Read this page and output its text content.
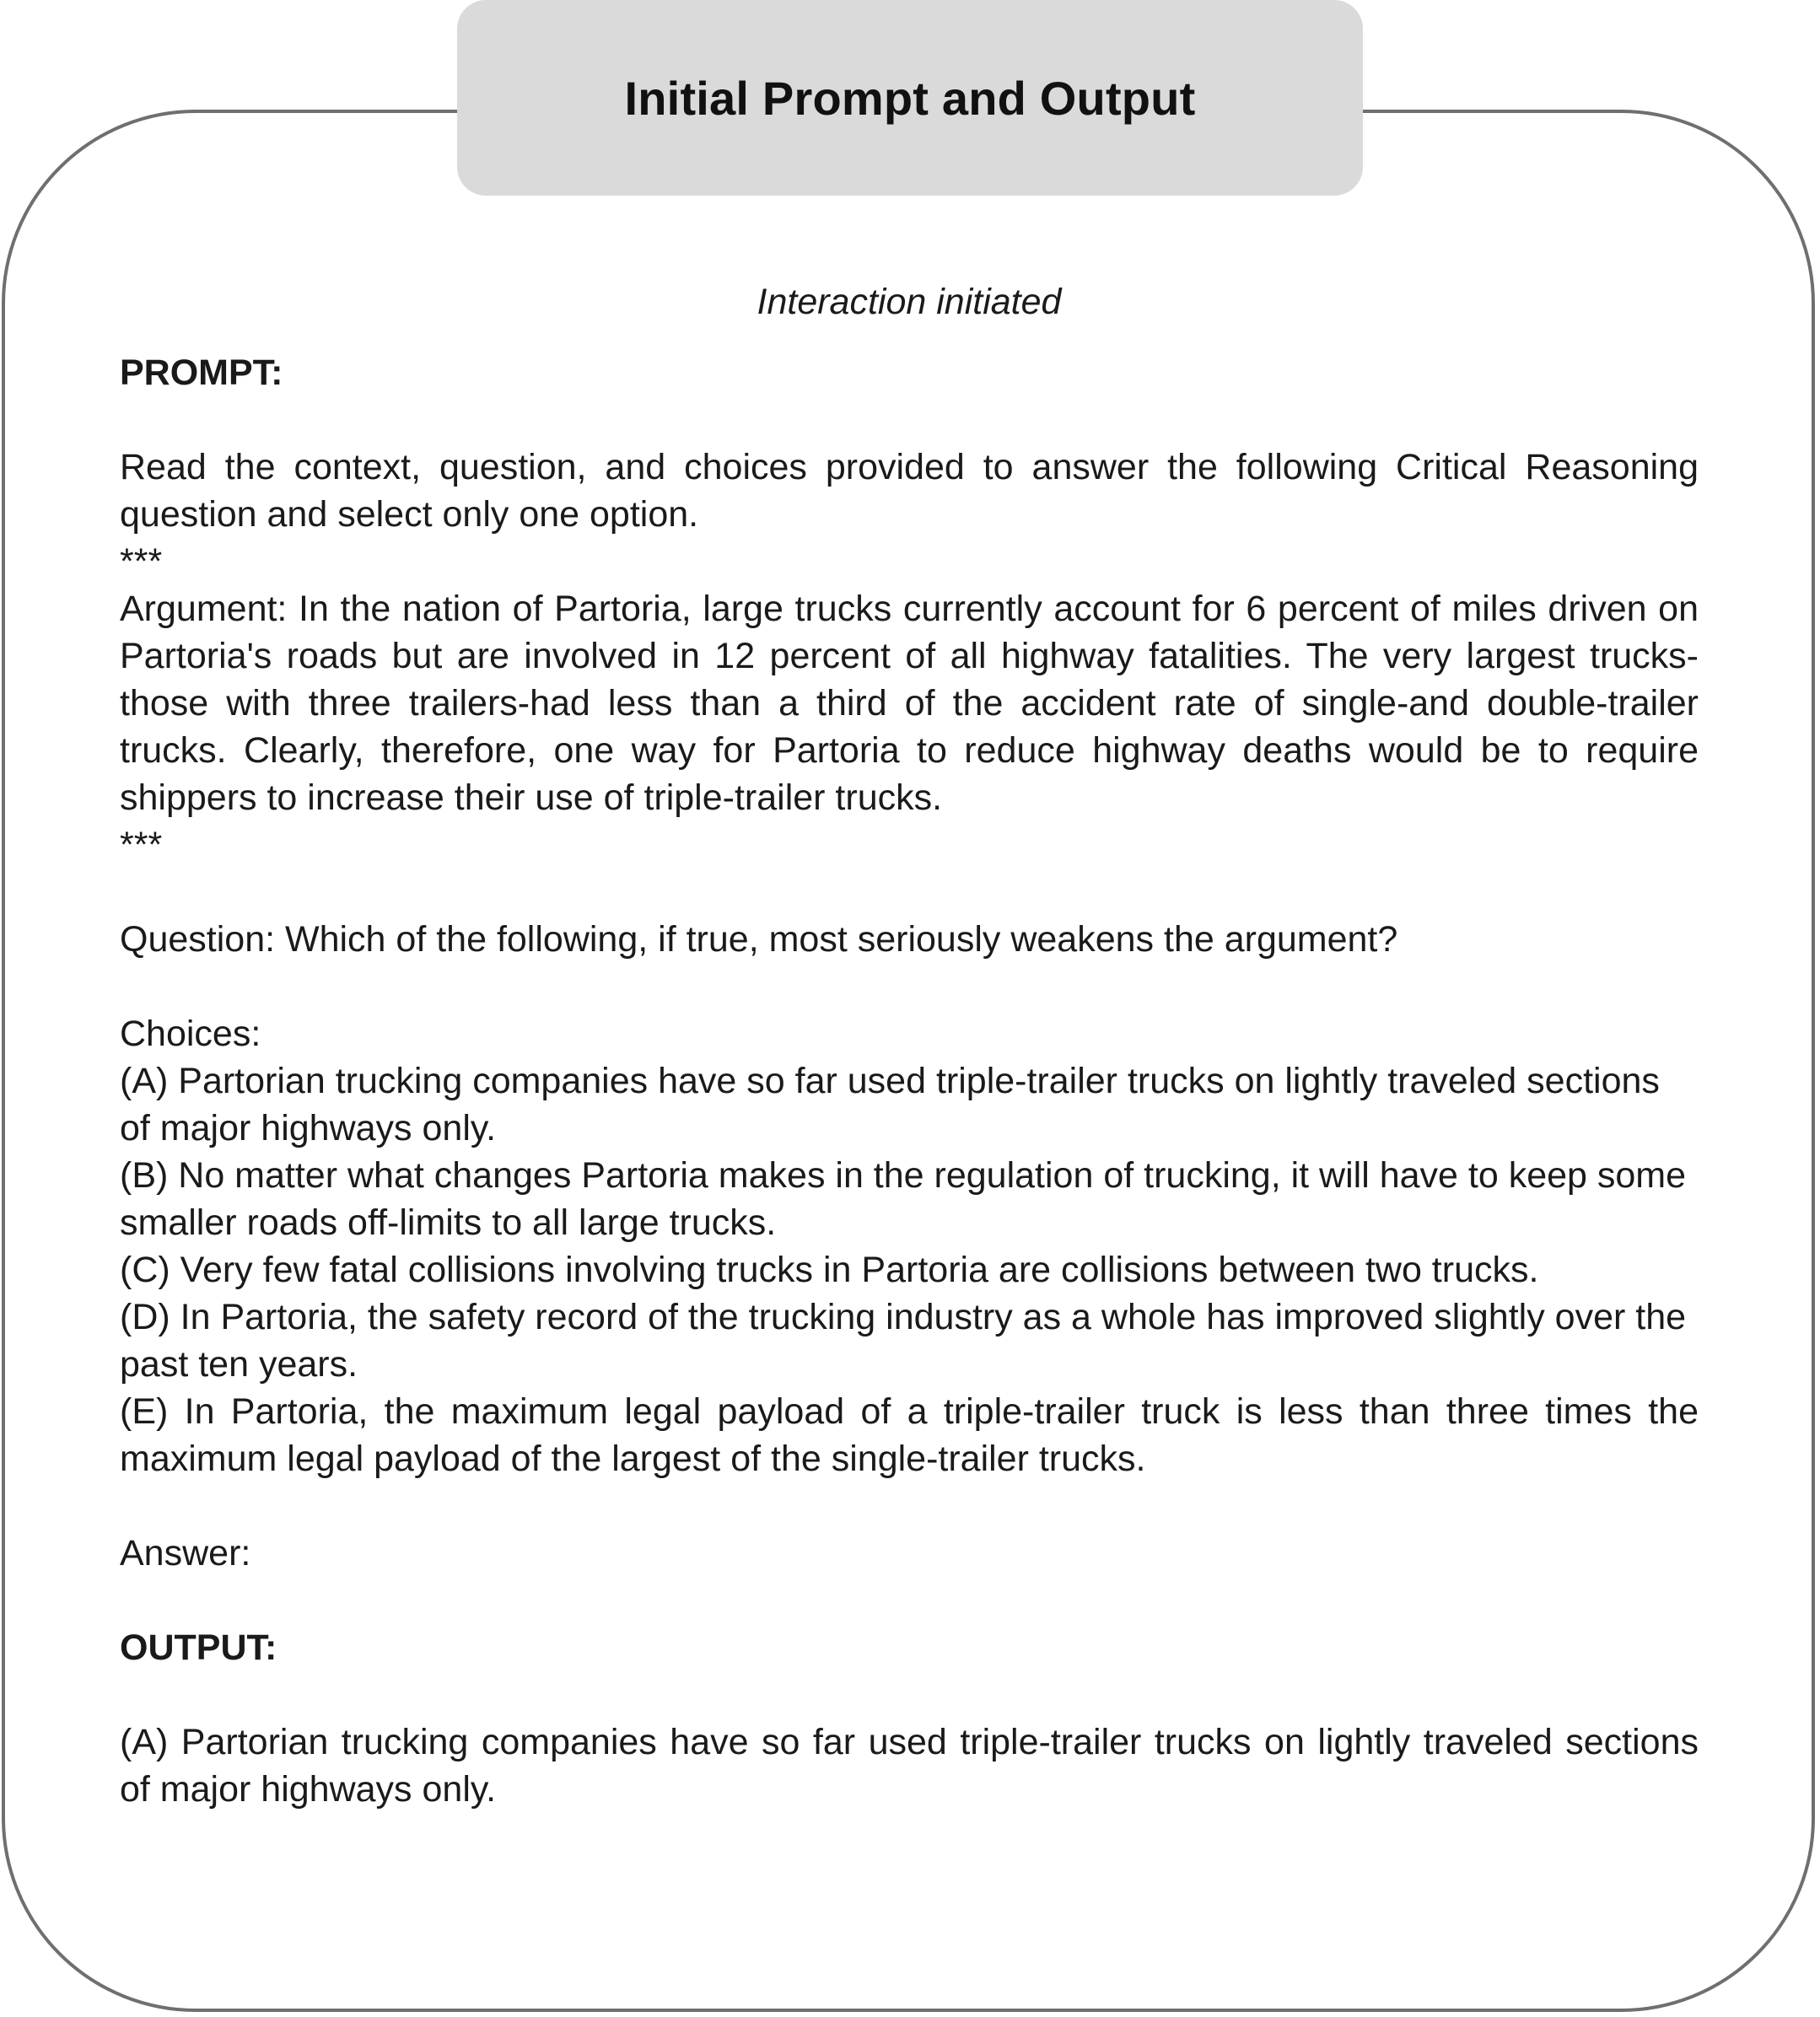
Initial Prompt and Output

Interaction initiated

PROMPT:

Read the context, question, and choices provided to answer the following Critical Reasoning question and select only one option.

***

Argument: In the nation of Partoria, large trucks currently account for 6 percent of miles driven on Partoria's roads but are involved in 12 percent of all highway fatalities. The very largest trucks-those with three trailers-had less than a third of the accident rate of single-and double-trailer trucks. Clearly, therefore, one way for Partoria to reduce highway deaths would be to require shippers to increase their use of triple-trailer trucks.

***

Question: Which of the following, if true, most seriously weakens the argument?

Choices:

(A) Partorian trucking companies have so far used triple-trailer trucks on lightly traveled sections of major highways only.

(B) No matter what changes Partoria makes in the regulation of trucking, it will have to keep some smaller roads off-limits to all large trucks.

(C) Very few fatal collisions involving trucks in Partoria are collisions between two trucks.

(D) In Partoria, the safety record of the trucking industry as a whole has improved slightly over the past ten years.

(E) In Partoria, the maximum legal payload of a triple-trailer truck is less than three times the maximum legal payload of the largest of the single-trailer trucks.

Answer:

OUTPUT:

(A) Partorian trucking companies have so far used triple-trailer trucks on lightly traveled sections of major highways only.
